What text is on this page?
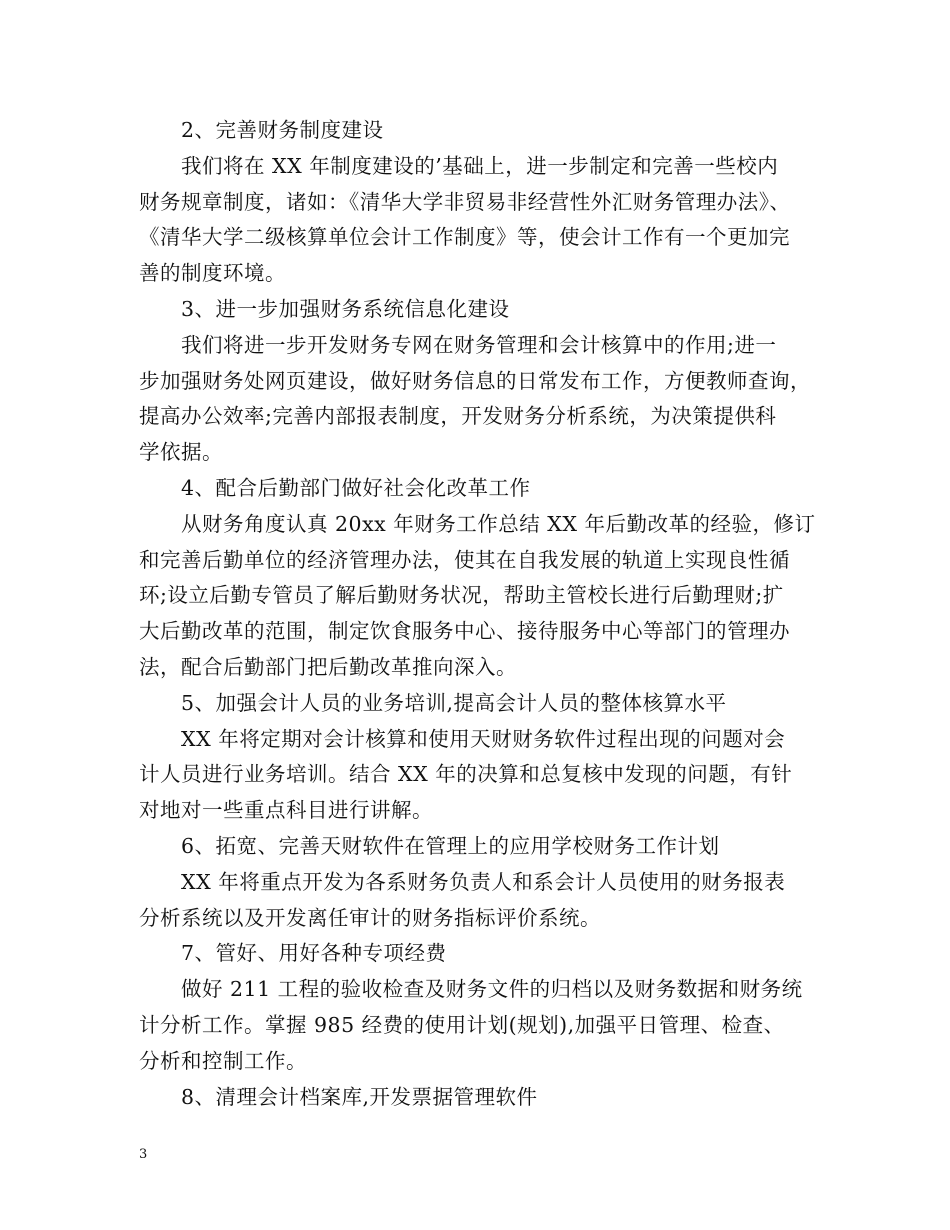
2、完善财务制度建设
我们将在 XX 年制度建设的’基础上，进一步制定和完善一些校内
财务规章制度，诸如：《清华大学非贸易非经营性外汇财务管理办法》、
《清华大学二级核算单位会计工作制度》等，使会计工作有一个更加完
善的制度环境。
3、进一步加强财务系统信息化建设
我们将进一步开发财务专网在财务管理和会计核算中的作用;进一
步加强财务处网页建设，做好财务信息的日常发布工作，方便教师查询，
提高办公效率;完善内部报表制度，开发财务分析系统，为决策提供科
学依据。
4、配合后勤部门做好社会化改革工作
从财务角度认真 20xx 年财务工作总结 XX 年后勤改革的经验，修订
和完善后勤单位的经济管理办法，使其在自我发展的轨道上实现良性循
环;设立后勤专管员了解后勤财务状况，帮助主管校长进行后勤理财;扩
大后勤改革的范围，制定饮食服务中心、接待服务中心等部门的管理办
法，配合后勤部门把后勤改革推向深入。
5、加强会计人员的业务培训,提高会计人员的整体核算水平
XX 年将定期对会计核算和使用天财财务软件过程出现的问题对会
计人员进行业务培训。结合 XX 年的决算和总复核中发现的问题，有针
对地对一些重点科目进行讲解。
6、拓宽、完善天财软件在管理上的应用学校财务工作计划
XX 年将重点开发为各系财务负责人和系会计人员使用的财务报表
分析系统以及开发离任审计的财务指标评价系统。
7、管好、用好各种专项经费
做好 211 工程的验收检查及财务文件的归档以及财务数据和财务统
计分析工作。掌握 985 经费的使用计划(规划),加强平日管理、检查、
分析和控制工作。
8、清理会计档案库,开发票据管理软件
3
